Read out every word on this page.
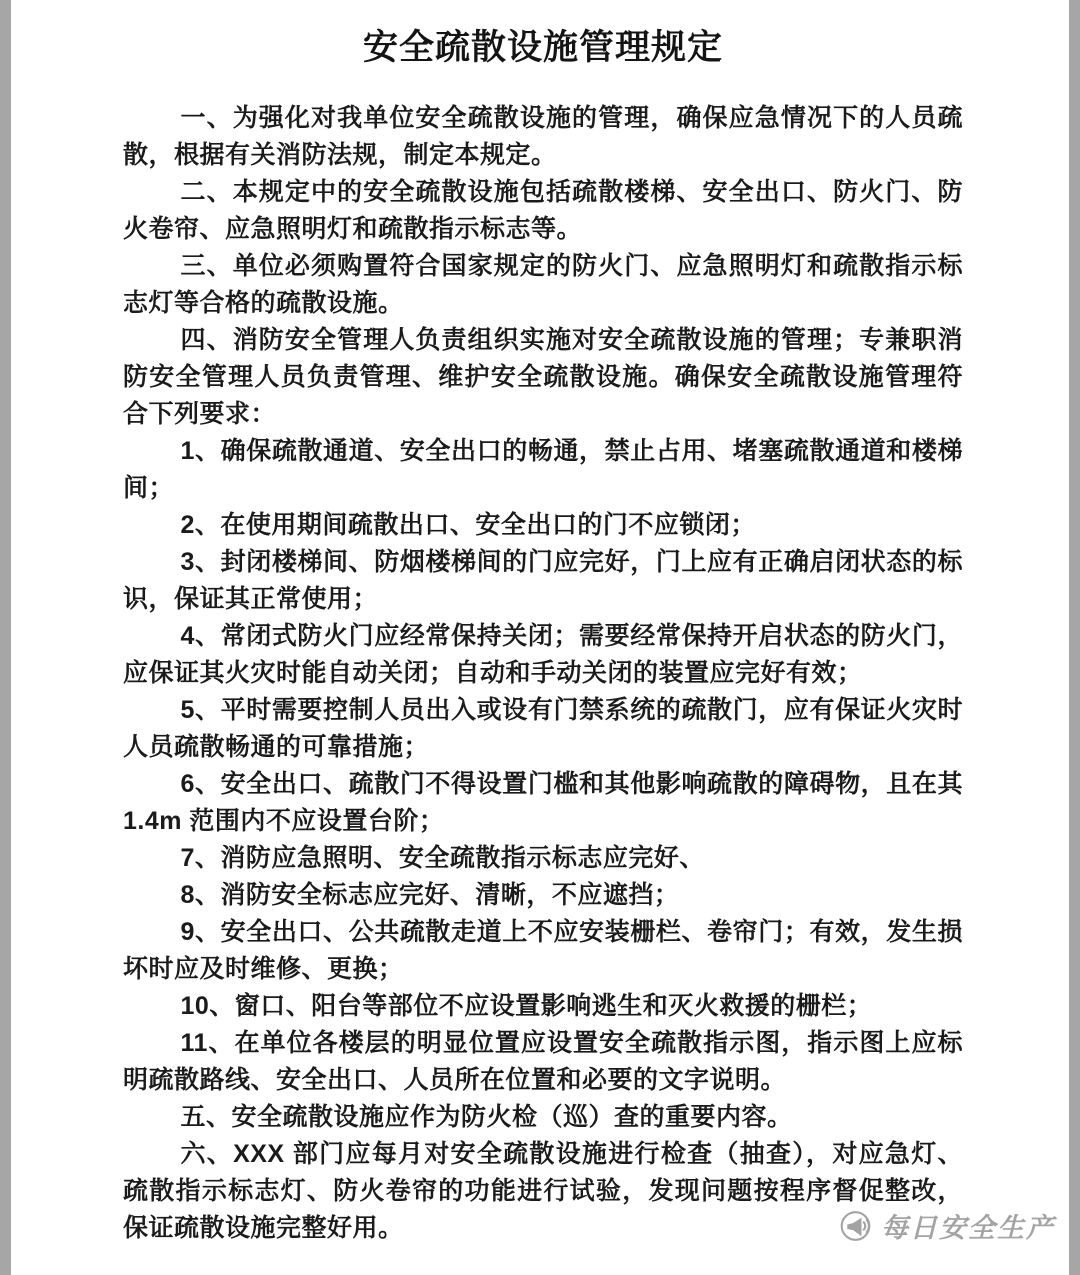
安全疏散设施管理规定

一、为强化对我单位安全疏散设施的管理，确保应急情况下的人员疏散，根据有关消防法规，制定本规定。

二、本规定中的安全疏散设施包括疏散楼梯、安全出口、防火门、防火卷帘、应急照明灯和疏散指示标志等。

三、单位必须购置符合国家规定的防火门、应急照明灯和疏散指示标志灯等合格的疏散设施。

四、消防安全管理人负责组织实施对安全疏散设施的管理；专兼职消防安全管理人员负责管理、维护安全疏散设施。确保安全疏散设施管理符合下列要求：

1、确保疏散通道、安全出口的畅通，禁止占用、堵塞疏散通道和楼梯间；

2、在使用期间疏散出口、安全出口的门不应锁闭；

3、封闭楼梯间、防烟楼梯间的门应完好，门上应有正确启闭状态的标识，保证其正常使用；

4、常闭式防火门应经常保持关闭；需要经常保持开启状态的防火门，应保证其火灾时能自动关闭；自动和手动关闭的装置应完好有效；

5、平时需要控制人员出入或设有门禁系统的疏散门，应有保证火灾时人员疏散畅通的可靠措施；

6、安全出口、疏散门不得设置门槛和其他影响疏散的障碍物，且在其 1.4m 范围内不应设置台阶；

7、消防应急照明、安全疏散指示标志应完好、

8、消防安全标志应完好、清晰，不应遮挡；

9、安全出口、公共疏散走道上不应安装栅栏、卷帘门；有效，发生损坏时应及时维修、更换；

10、窗口、阳台等部位不应设置影响逃生和灭火救援的栅栏；

11、在单位各楼层的明显位置应设置安全疏散指示图，指示图上应标明疏散路线、安全出口、人员所在位置和必要的文字说明。

五、安全疏散设施应作为防火检（巡）查的重要内容。

六、XXX 部门应每月对安全疏散设施进行检查（抽查），对应急灯、疏散指示标志灯、防火卷帘的功能进行试验，发现问题按程序督促整改，保证疏散设施完整好用。	每日安全生产
